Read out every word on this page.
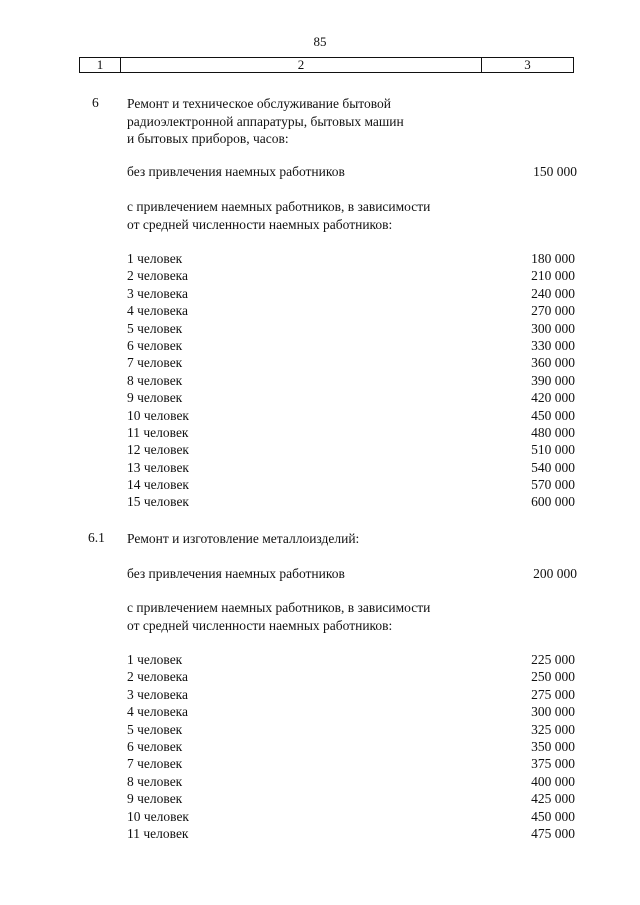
85
1	2	3
6 Ремонт и техническое обслуживание бытовой
радиоэлектронной аппаратуры, бытовых машин
и бытовых приборов, часов:
без привлечения наемных работников	150 000
с привлечением наемных работников, в зависимости
от средней численности наемных работников:
1 человек	180 000
2 человека	210 000
3 человека	240 000
4 человека	270 000
5 человек	300 000
6 человек	330 000
7 человек	360 000
8 человек	390 000
9 человек	420 000
10 человек	450 000
11 человек	480 000
12 человек	510 000
13 человек	540 000
14 человек	570 000
15 человек	600 000
6.1 Ремонт и изготовление металлоизделий:
без привлечения наемных работников	200 000
с привлечением наемных работников, в зависимости
от средней численности наемных работников:
1 человек	225 000
2 человека	250 000
3 человека	275 000
4 человека	300 000
5 человек	325 000
6 человек	350 000
7 человек	375 000
8 человек	400 000
9 человек	425 000
10 человек	450 000
11 человек	475 000
